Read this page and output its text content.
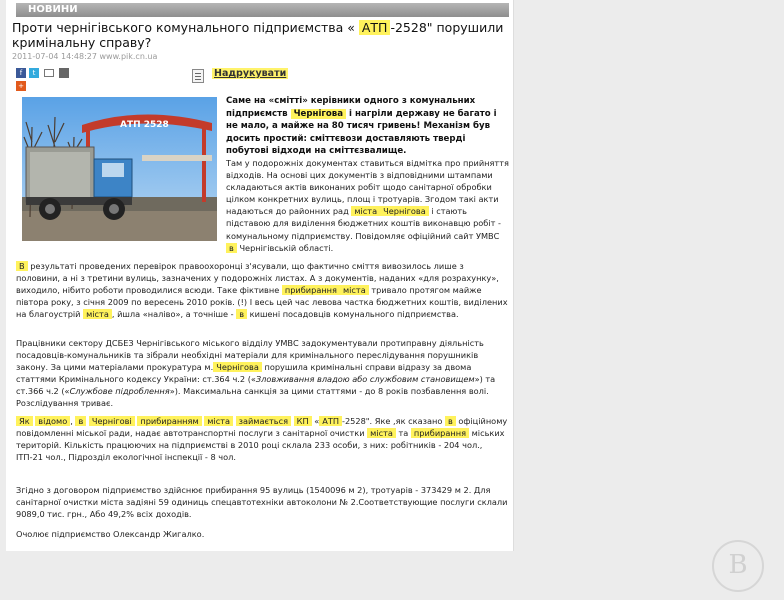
НОВИНИ
Проти чернігівського комунального підприємства « АТП -2528" порушили кримінальну справу?
2011-07-04 14:48:27 www.pik.cn.ua
f	t
+
Надрукувати
АТП 2528
Саме на «смітті» керівники одного з комунальних підприємств Чернігова і нагріли державу не багато і не мало, а майже на 80 тисяч гривень! Механізм був досить простий: сміттєвози доставляють тверді побутові відходи на сміттєзвалище.
Там у подорожніх документах ставиться відмітка про прийняття відходів. На основі цих документів з відповідними штампами складаються актів виконаних робіт щодо санітарної обробки цілком конкретних вулиць, площ і тротуарів. Згодом такі акти надаються до районних рад міста Чернігова і стають підставою для виділення бюджетних коштів виконавцю робіт - комунальному підприємству. Повідомляє офіційний сайт УМВС в Чернігівській області.
В результаті проведених перевірок правоохоронці з'ясували, що фактично сміття вивозилось лише з половини, а ні з третини вулиць, зазначених у подорожніх листах. А з документів, наданих «для розрахунку», виходило, нібито роботи проводилися всюди. Таке фіктивне прибирання міста тривало протягом майже півтора року, з січня 2009 по вересень 2010 років. (!) І весь цей час левова частка бюджетних коштів, виділених на благоустрій міста , йшла «наліво», а точніше - в кишені посадовців комунального підприємства.
Працівники сектору ДСБЕЗ Чернігівського міського відділу УМВС задокументували протиправну діяльність посадовців-комунальників та зібрали необхідні матеріали для кримінального переслідування порушників закону. За цими матеріалами прокуратура м. Чернігова порушила кримінальні справи відразу за двома статтями Кримінального кодексу України: ст.364 ч.2 («Зловживання владою або службовим становищем») та ст.366 ч.2 («Службове підроблення»). Максимальна санкція за цими статтями - до 8 років позбавлення волі. Розслідування триває.
Як відомо , в Чернігові прибиранням міста займається КП « АТП -2528". Яке ,як сказано в офіційному повідомленні міської ради, надає автотранспортні послуги з санітарної очистки міста та прибирання міських територій. Кількість працюючих на підприємстві в 2010 році склала 233 особи, з них: робітників - 204 чол., ІТП-21 чол., Підрозділ екологічної інспекції - 8 чол.
Згідно з договором підприємство здійснює прибирання 95 вулиць (1540096 м 2), тротуарів - 373429 м 2. Для санітарної очистки міста задіяні 59 одиниць спецавтотехніки автоколони № 2.Соответствующие послуги склали 9089,0 тис. грн., Або 49,2% всіх доходів.
Очолює підприємство Олександр Жигалко.
В
